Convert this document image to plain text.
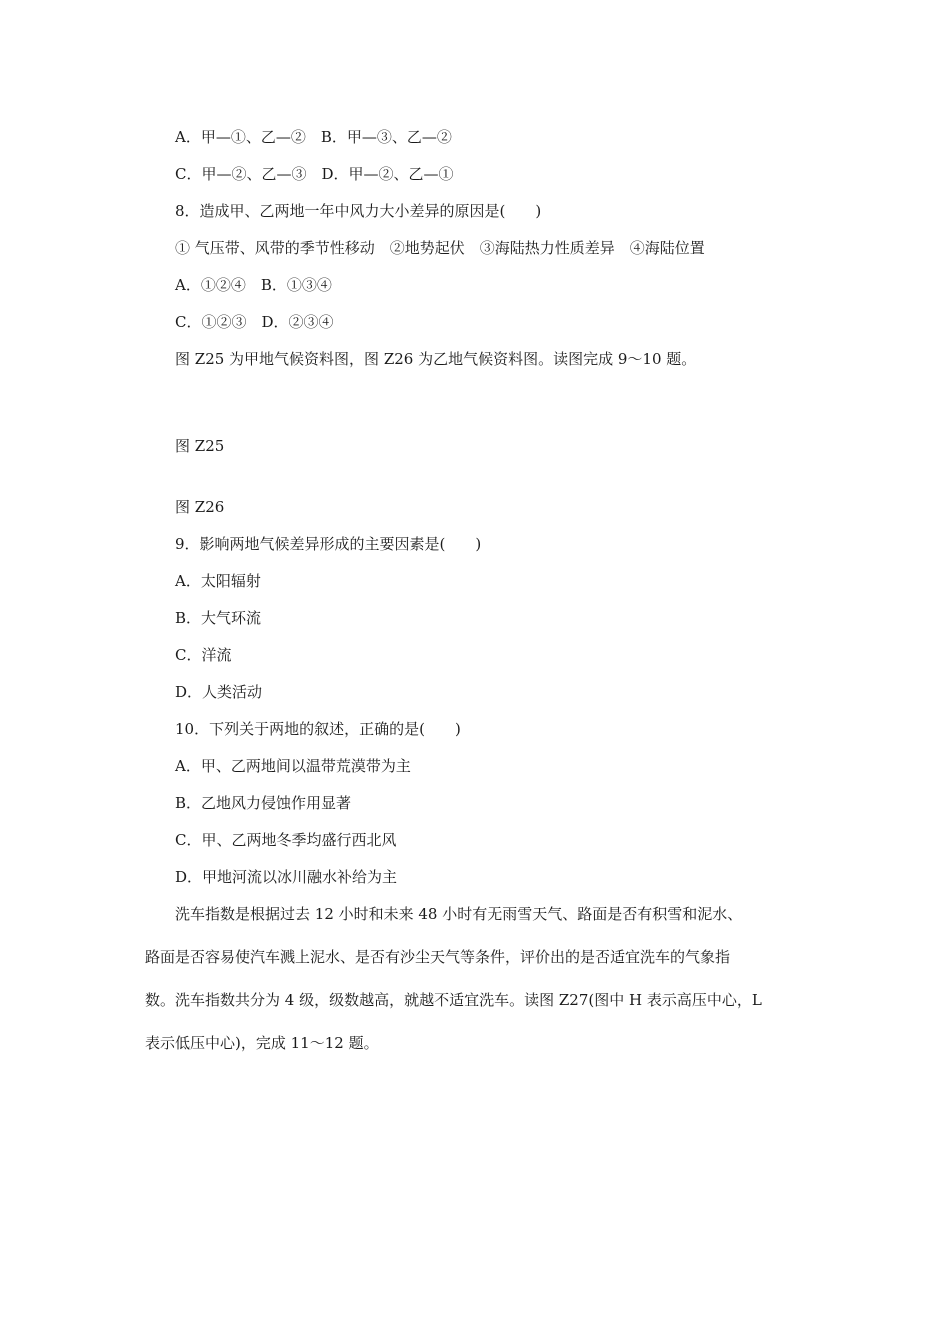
A．甲—①、乙—②　B．甲—③、乙—②
C．甲—②、乙—③　D．甲—②、乙—①
8．造成甲、乙两地一年中风力大小差异的原因是(　　)
① 气压带、风带的季节性移动　②地势起伏　③海陆热力性质差异　④海陆位置
A．①②④　B．①③④
C．①②③　D．②③④
图 Z25 为甲地气候资料图，图 Z26 为乙地气候资料图。读图完成 9～10 题。
图 Z25
图 Z26
9．影响两地气候差异形成的主要因素是(　　)
A．太阳辐射
B．大气环流
C．洋流
D．人类活动
10．下列关于两地的叙述，正确的是(　　)
A．甲、乙两地间以温带荒漠带为主
B．乙地风力侵蚀作用显著
C．甲、乙两地冬季均盛行西北风
D．甲地河流以冰川融水补给为主
　　洗车指数是根据过去 12 小时和未来 48 小时有无雨雪天气、路面是否有积雪和泥水、
路面是否容易使汽车溅上泥水、是否有沙尘天气等条件，评价出的是否适宜洗车的气象指
数。洗车指数共分为 4 级，级数越高，就越不适宜洗车。读图 Z27(图中 H 表示高压中心，L
表示低压中心)，完成 11～12 题。
